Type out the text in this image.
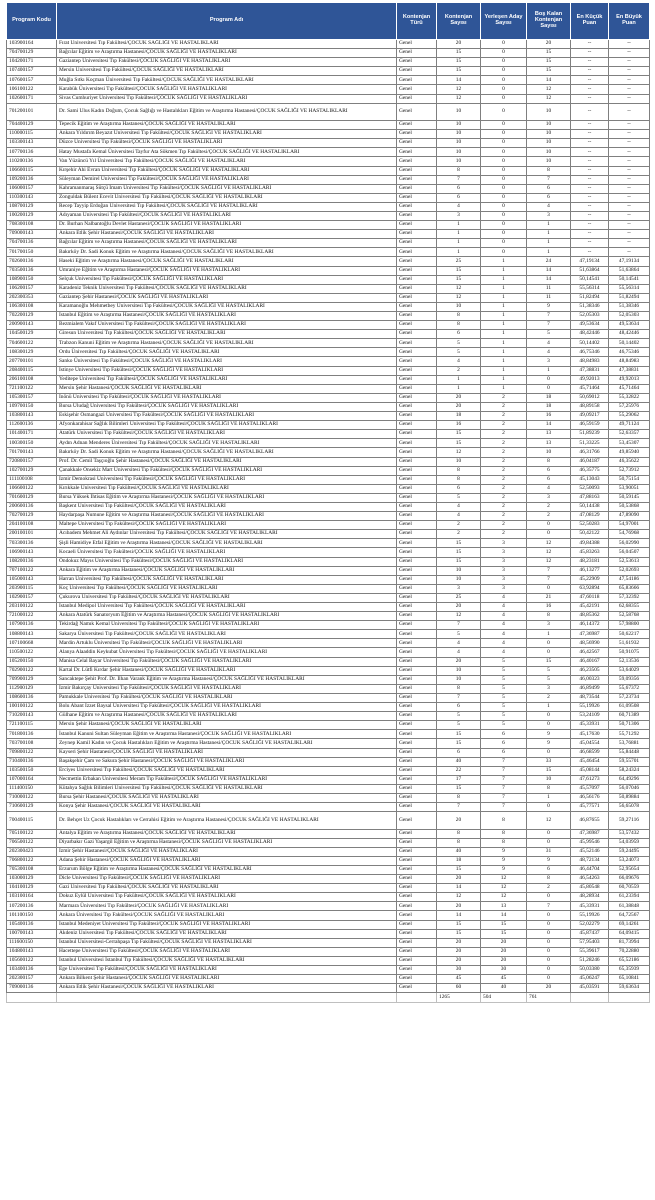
Program Kodu	Program Adı	Kontenjan Türü	Kontenjan Sayısı	Yerleşen Aday Sayısı	Boş Kalan Kontenjan Sayısı	En Küçük Puan	En Büyük Puan
103900164	Fırat Üniversitesi Tıp Fakültesi/ÇOCUK SAĞLIĞI VE HASTALIKLARI	Genel	20	0	20	--	--
704700129	Bağcılar Eğitim ve Araştırma Hastanesi/ÇOCUK SAĞLIĞI VE HASTALIKLARI	Genel	15	0	15	--	--
104200171	Gaziantep Üniversitesi Tıp Fakültesi/ÇOCUK SAĞLIĞI VE HASTALIKLARI	Genel	15	0	15	--	--
107400157	Mersin Üniversitesi Tıp Fakültesi/ÇOCUK SAĞLIĞI VE HASTALIKLARI	Genel	15	0	15	--	--
107600157	Muğla Sıtkı Koçman Üniversitesi Tıp Fakültesi/ÇOCUK SAĞLIĞI VE HASTALIKLARI	Genel	14	0	14	--	--
106100122	Karabük Üniversitesi Tıp Fakültesi/ÇOCUK SAĞLIĞI VE HASTALIKLARI	Genel	12	0	12	--	--
102600171	Sivas Cumhuriyet Üniversitesi Tıp Fakültesi/ÇOCUK SAĞLIĞI VE HASTALIKLARI	Genel	12	0	12	--	--
701200101	Dr. Sami Ulus Kadın Doğum, Çocuk Sağlığı ve Hastalıkları Eğitim ve Araştırma Hastanesi/ÇOCUK SAĞLIĞI VE HASTALIKLARI	Genel	10	0	10	--	--
704400129	Tepecik Eğitim ve Araştırma Hastanesi/ÇOCUK SAĞLIĞI VE HASTALIKLARI	Genel	10	0	10	--	--
110000115	Ankara Yıldırım Beyazıt Üniversitesi Tıp Fakültesi/ÇOCUK SAĞLIĞI VE HASTALIKLARI	Genel	10	0	10	--	--
103300143	Düzce Üniversitesi Tıp Fakültesi/ÇOCUK SAĞLIĞI VE HASTALIKLARI	Genel	10	0	10	--	--
107700136	Hatay Mustafa Kemal Üniversitesi Tayfur Ata Sökmen Tıp Fakültesi/ÇOCUK SAĞLIĞI VE HASTALIKLARI	Genel	10	0	10	--	--
110200136	Van Yüzüncü Yıl Üniversitesi Tıp Fakültesi/ÇOCUK SAĞLIĞI VE HASTALIKLARI	Genel	10	0	10	--	--
106600115	Kırşehir Ahi Evran Üniversitesi Tıp Fakültesi/ÇOCUK SAĞLIĞI VE HASTALIKLARI	Genel	8	0	8	--	--
109200136	Süleyman Demirel Üniversitesi Tıp Fakültesi/ÇOCUK SAĞLIĞI VE HASTALIKLARI	Genel	7	0	7	--	--
106000157	Kahramanmaraş Sütçü İmam Üniversitesi Tıp Fakültesi/ÇOCUK SAĞLIĞI VE HASTALIKLARI	Genel	6	0	6	--	--
110300143	Zonguldak Bülent Ecevit Üniversitesi Tıp Fakültesi/ÇOCUK SAĞLIĞI VE HASTALIKLARI	Genel	6	0	6	--	--
108700129	Recep Tayyip Erdoğan Üniversitesi Tıp Fakültesi/ÇOCUK SAĞLIĞI VE HASTALIKLARI	Genel	4	0	4	--	--
100200129	Adıyaman Üniversitesi Tıp Fakültesi/ÇOCUK SAĞLIĞI VE HASTALIKLARI	Genel	3	0	3	--	--
708300108	Dr. Burhan Nalbantoğlu Devlet Hastanesi/ÇOCUK SAĞLIĞI VE HASTALIKLARI	Genel	1	0	1	--	--
709000143	Ankara Etlik Şehir Hastanesi/ÇOCUK SAĞLIĞI VE HASTALIKLARI	Genel	1	0	1	--	--
704700136	Bağcılar Eğitim ve Araştırma Hastanesi/ÇOCUK SAĞLIĞI VE HASTALIKLARI	Genel	1	0	1	--	--
701700150	Bakırköy Dr. Sadi Konuk Eğitim ve Araştırma Hastanesi/ÇOCUK SAĞLIĞI VE HASTALIKLARI	Genel	1	0	1	--	--
702600136	Haseki Eğitim ve Araştırma Hastanesi/ÇOCUK SAĞLIĞI VE HASTALIKLARI	Genel	25	1	24	47,19134	47,19134
703500136	Ümraniye Eğitim ve Araştırma Hastanesi/ÇOCUK SAĞLIĞI VE HASTALIKLARI	Genel	15	1	14	51,63864	51,63864
108900150	Selçuk Üniversitesi Tıp Fakültesi/ÇOCUK SAĞLIĞI VE HASTALIKLARI	Genel	15	1	14	50,14541	50,14541
106200157	Karadeniz Teknik Üniversitesi Tıp Fakültesi/ÇOCUK SAĞLIĞI VE HASTALIKLARI	Genel	12	1	11	55,56314	55,56314
202300353	Gaziantep Şehir Hastanesi/ÇOCUK SAĞLIĞI VE HASTALIKLARI	Genel	12	1	11	51,82494	51,82494
106300108	Karamanoğlu Mehmetbey Üniversitesi Tıp Fakültesi/ÇOCUK SAĞLIĞI VE HASTALIKLARI	Genel	10	1	9	51,38346	51,38346
702200129	İstanbul Eğitim ve Araştırma Hastanesi/ÇOCUK SAĞLIĞI VE HASTALIKLARI	Genel	8	1	7	52,05303	52,05303
200900143	Bezmialem Vakıf Üniversitesi Tıp Fakültesi/ÇOCUK SAĞLIĞI VE HASTALIKLARI	Genel	8	1	7	49,53634	49,53634
104500129	Giresun Üniversitesi Tıp Fakültesi/ÇOCUK SAĞLIĞI VE HASTALIKLARI	Genel	6	1	5	48,42446	48,42446
704600122	Trabzon Kanuni Eğitim ve Araştırma Hastanesi/ÇOCUK SAĞLIĞI VE HASTALIKLARI	Genel	5	1	4	50,14402	50,14402
108300129	Ordu Üniversitesi Tıp Fakültesi/ÇOCUK SAĞLIĞI VE HASTALIKLARI	Genel	5	1	4	46,75346	46,75346
207700101	Sanko Üniversitesi Tıp Fakültesi/ÇOCUK SAĞLIĞI VE HASTALIKLARI	Genel	4	1	3	48,84983	48,84983
208400115	İstinye Üniversitesi Tıp Fakültesi/ÇOCUK SAĞLIĞI VE HASTALIKLARI	Genel	2	1	1	47,38831	47,38831
206100108	Yeditepe Üniversitesi Tıp Fakültesi/ÇOCUK SAĞLIĞI VE HASTALIKLARI	Genel	1	1	0	49,92013	49,92013
721100122	Mersin Şehir Hastanesi/ÇOCUK SAĞLIĞI VE HASTALIKLARI	Genel	1	1	0	45,71464	45,71464
105300157	İnönü Üniversitesi Tıp Fakültesi/ÇOCUK SAĞLIĞI VE HASTALIKLARI	Genel	20	2	18	50,69012	55,32822
109700150	Bursa Uludağ Üniversitesi Tıp Fakültesi/ÇOCUK SAĞLIĞI VE HASTALIKLARI	Genel	20	2	18	48,89158	57,25976
103800143	Eskişehir Osmangazi Üniversitesi Tıp Fakültesi/ÇOCUK SAĞLIĞI VE HASTALIKLARI	Genel	18	2	16	49,09217	55,29062
112600136	Afyonkarahisar Sağlık Bilimleri Üniversitesi Tıp Fakültesi/ÇOCUK SAĞLIĞI VE HASTALIKLARI	Genel	16	2	14	46,59159	49,71124
101400171	Atatürk Üniversitesi Tıp Fakültesi/ÇOCUK SAĞLIĞI VE HASTALIKLARI	Genel	15	2	13	51,89239	52,63357
100300150	Aydın Adnan Menderes Üniversitesi Tıp Fakültesi/ÇOCUK SAĞLIĞI VE HASTALIKLARI	Genel	15	2	13	51,33225	53,45307
701700143	Bakırköy Dr. Sadi Konuk Eğitim ve Araştırma Hastanesi/ÇOCUK SAĞLIĞI VE HASTALIKLARI	Genel	12	2	10	46,31766	49,85940
720800157	Prof. Dr. Cemil Taşçıoğlu Şehir Hastanesi/ÇOCUK SAĞLIĞI VE HASTALIKLARI	Genel	10	2	8	46,04187	46,35622
102700129	Çanakkale Onsekiz Mart Üniversitesi Tıp Fakültesi/ÇOCUK SAĞLIĞI VE HASTALIKLARI	Genel	8	2	6	46,35775	52,73912
111100108	İzmir Demokrasi Üniversitesi Tıp Fakültesi/ÇOCUK SAĞLIĞI VE HASTALIKLARI	Genel	8	2	6	45,13043	50,75154
106600122	Kırıkkale Üniversitesi Tıp Fakültesi/ÇOCUK SAĞLIĞI VE HASTALIKLARI	Genel	6	2	4	52,50093	53,90051
701600129	Bursa Yüksek İhtisas Eğitim ve Araştırma Hastanesi/ÇOCUK SAĞLIĞI VE HASTALIKLARI	Genel	5	2	3	47,88163	50,59145
200600136	Başkent Üniversitesi Tıp Fakültesi/ÇOCUK SAĞLIĞI VE HASTALIKLARI	Genel	4	2	2	50,14438	50,53868
702700129	Haydarpaşa Numune Eğitim ve Araştırma Hastanesi/ÇOCUK SAĞLIĞI VE HASTALIKLARI	Genel	4	2	2	47,08129	47,89090
204100108	Maltepe Üniversitesi Tıp Fakültesi/ÇOCUK SAĞLIĞI VE HASTALIKLARI	Genel	2	2	0	52,50283	54,97001
200100101	Acıbadem Mehmet Ali Aydınlar Üniversitesi Tıp Fakültesi/ÇOCUK SAĞLIĞI VE HASTALIKLARI	Genel	2	2	0	50,42122	54,76968
703300136	Şişli Hamidiye Etfal Eğitim ve Araştırma Hastanesi/ÇOCUK SAĞLIĞI VE HASTALIKLARI	Genel	15	3	12	49,84388	56,02990
106900143	Kocaeli Üniversitesi Tıp Fakültesi/ÇOCUK SAĞLIĞI VE HASTALIKLARI	Genel	15	3	12	45,83263	56,04507
108200136	Ondokuz Mayıs Üniversitesi Tıp Fakültesi/ÇOCUK SAĞLIĞI VE HASTALIKLARI	Genel	15	3	12	48,23181	52,53613
707100122	Ankara Eğitim ve Araştırma Hastanesi/ÇOCUK SAĞLIĞI VE HASTALIKLARI	Genel	10	3	7	46,13277	52,02693
105000143	Harran Üniversitesi Tıp Fakültesi/ÇOCUK SAĞLIĞI VE HASTALIKLARI	Genel	10	3	7	45,22909	47,54186
203900115	Koç Üniversitesi Tıp Fakültesi/ÇOCUK SAĞLIĞI VE HASTALIKLARI	Genel	3	3	0	63,92894	65,83666
102900157	Çukurova Üniversitesi Tıp Fakültesi/ÇOCUK SAĞLIĞI VE HASTALIKLARI	Genel	25	4	21	47,60118	57,32392
203100122	İstanbul Medipol Üniversitesi Tıp Fakültesi/ÇOCUK SAĞLIĞI VE HASTALIKLARI	Genel	20	4	16	45,42191	62,68355
721000122	Ankara Atatürk Sanatoryum Eğitim ve Araştırma Hastanesi/ÇOCUK SAĞLIĞI VE HASTALIKLARI	Genel	12	4	8	48,85362	52,58768
107900136	Tekirdağ Namık Kemal Üniversitesi Tıp Fakültesi/ÇOCUK SAĞLIĞI VE HASTALIKLARI	Genel	7	4	3	46,14372	57,98800
108800143	Sakarya Üniversitesi Tıp Fakültesi/ÇOCUK SAĞLIĞI VE HASTALIKLARI	Genel	5	4	1	47,36987	50,62217
107100668	Mardin Artuklu Üniversitesi Tıp Fakültesi/ÇOCUK SAĞLIĞI VE HASTALIKLARI	Genel	4	4	0	48,56990	51,61932
110500122	Alanya Alaaddin Keykubat Üniversitesi Tıp Fakültesi/ÇOCUK SAĞLIĞI VE HASTALIKLARI	Genel	4	4	0	46,42567	50,91075
105200150	Manisa Celal Bayar Üniversitesi Tıp Fakültesi/ÇOCUK SAĞLIĞI VE HASTALIKLARI	Genel	20	5	15	46,40167	52,13536
702900122	Kartal Dr. Lütfi Kırdar Şehir Hastanesi/ÇOCUK SAĞLIĞI VE HASTALIKLARI	Genel	10	5	5	46,23505	53,64029
709900129	Sancaktepe Şehit Prof. Dr. İlhan Varank Eğitim ve Araştırma Hastanesi/ÇOCUK SAĞLIĞI VE HASTALIKLARI	Genel	10	5	5	46,00323	59,09356
112900129	İzmir Bakırçay Üniversitesi Tıp Fakültesi/ÇOCUK SAĞLIĞI VE HASTALIKLARI	Genel	8	5	3	46,89499	55,67372
108600136	Pamukkale Üniversitesi Tıp Fakültesi/ÇOCUK SAĞLIĞI VE HASTALIKLARI	Genel	7	5	2	48,73544	57,23734
100100122	Bolu Abant İzzet Baysal Üniversitesi Tıp Fakültesi/ÇOCUK SAĞLIĞI VE HASTALIKLARI	Genel	6	5	1	55,19926	61,09508
710200143	Gülhane Eğitim ve Araştırma Hastanesi/ÇOCUK SAĞLIĞI VE HASTALIKLARI	Genel	5	5	0	53,24109	60,71389
721100115	Mersin Şehir Hastanesi/ÇOCUK SAĞLIĞI VE HASTALIKLARI	Genel	5	5	0	45,33931	50,71306
701800136	İstanbul Kanuni Sultan Süleyman Eğitim ve Araştırma Hastanesi/ÇOCUK SAĞLIĞI VE HASTALIKLARI	Genel	15	6	9	45,17630	55,71292
703700108	Zeynep Kamil Kadın ve Çocuk Hastalıkları Eğitim ve Araştırma Hastanesi/ÇOCUK SAĞLIĞI VE HASTALIKLARI	Genel	15	6	9	45,04554	53,76881
709800122	Kayseri Şehir Hastanesi/ÇOCUK SAĞLIĞI VE HASTALIKLARI	Genel	6	6	0	46,68599	55,84448
710400136	Başakşehir Çam ve Sakura Şehir Hastanesi/ÇOCUK SAĞLIĞI VE HASTALIKLARI	Genel	40	7	33	45,46454	59,55701
103500150	Erciyes Üniversitesi Tıp Fakültesi/ÇOCUK SAĞLIĞI VE HASTALIKLARI	Genel	22	7	15	45,08144	58,24324
107000164	Necmettin Erbakan Üniversitesi Meram Tıp Fakültesi/ÇOCUK SAĞLIĞI VE HASTALIKLARI	Genel	17	7	10	47,61273	64,49296
111400150	Kütahya Sağlık Bilimleri Üniversitesi Tıp Fakültesi/ÇOCUK SAĞLIĞI VE HASTALIKLARI	Genel	15	7	8	45,57097	56,07046
710000122	Bursa Şehir Hastanesi/ÇOCUK SAĞLIĞI VE HASTALIKLARI	Genel	8	7	1	46,56176	50,89884
710600129	Konya Şehir Hastanesi/ÇOCUK SAĞLIĞI VE HASTALIKLARI	Genel	7	7	0	45,77571	56,65078
700400115	Dr. Behçet Uz Çocuk Hastalıkları ve Cerrahisi Eğitim ve Araştırma Hastanesi/ÇOCUK SAĞLIĞI VE HASTALIKLARI	Genel	20	8	12	46,87655	59,27116
705100122	Antalya Eğitim ve Araştırma Hastanesi/ÇOCUK SAĞLIĞI VE HASTALIKLARI	Genel	8	8	0	47,36987	53,57432
706500122	Diyarbakır Gazi Yaşargil Eğitim ve Araştırma Hastanesi/ÇOCUK SAĞLIĞI VE HASTALIKLARI	Genel	8	8	0	45,99546	54,03959
202300423	İzmir Şehir Hastanesi/ÇOCUK SAĞLIĞI VE HASTALIKLARI	Genel	40	9	31	45,52146	59,24495
706800122	Adana Şehir Hastanesi/ÇOCUK SAĞLIĞI VE HASTALIKLARI	Genel	18	9	9	48,72134	53,24073
705300108	Erzurum Bölge Eğitim ve Araştırma Hastanesi/ÇOCUK SAĞLIĞI VE HASTALIKLARI	Genel	15	9	6	46,44704	52,95654
103000129	Dicle Üniversitesi Tıp Fakültesi/ÇOCUK SAĞLIĞI VE HASTALIKLARI	Genel	20	12	8	46,54263	66,09676
104100129	Gazi Üniversitesi Tıp Fakültesi/ÇOCUK SAĞLIĞI VE HASTALIKLARI	Genel	14	12	2	45,80548	60,70559
103100164	Dokuz Eylül Üniversitesi Tıp Fakültesi/ÇOCUK SAĞLIĞI VE HASTALIKLARI	Genel	12	12	0	48,28934	61,23394
107200136	Marmara Üniversitesi Tıp Fakültesi/ÇOCUK SAĞLIĞI VE HASTALIKLARI	Genel	20	13	7	45,33931	61,38848
101100150	Ankara Üniversitesi Tıp Fakültesi/ÇOCUK SAĞLIĞI VE HASTALIKLARI	Genel	14	14	0	55,19926	64,72567
105400136	İstanbul Medeniyet Üniversitesi Tıp Fakültesi/ÇOCUK SAĞLIĞI VE HASTALIKLARI	Genel	15	15	0	52,02279	69,14261
100700143	Akdeniz Üniversitesi Tıp Fakültesi/ÇOCUK SAĞLIĞI VE HASTALIKLARI	Genel	15	15	0	45,87437	64,09415
111600150	İstanbul Üniversitesi-Cerrahpaşa Tıp Fakültesi/ÇOCUK SAĞLIĞI VE HASTALIKLARI	Genel	20	20	0	57,95403	81,73994
104800143	Hacettepe Üniversitesi Tıp Fakültesi/ÇOCUK SAĞLIĞI VE HASTALIKLARI	Genel	20	20	0	55,39617	70,22880
105600122	İstanbul Üniversitesi İstanbul Tıp Fakültesi/ÇOCUK SAĞLIĞI VE HASTALIKLARI	Genel	20	20	0	51,28246	65,52186
103400136	Ege Üniversitesi Tıp Fakültesi/ÇOCUK SAĞLIĞI VE HASTALIKLARI	Genel	30	30	0	50,03380	65,35939
202300157	Ankara Bilkent Şehir Hastanesi/ÇOCUK SAĞLIĞI VE HASTALIKLARI	Genel	45	45	0	45,06247	65,10841
709000136	Ankara Etlik Şehir Hastanesi/ÇOCUK SAĞLIĞI VE HASTALIKLARI	Genel	60	40	20	45,03591	59,63634
			1265	504	761		
